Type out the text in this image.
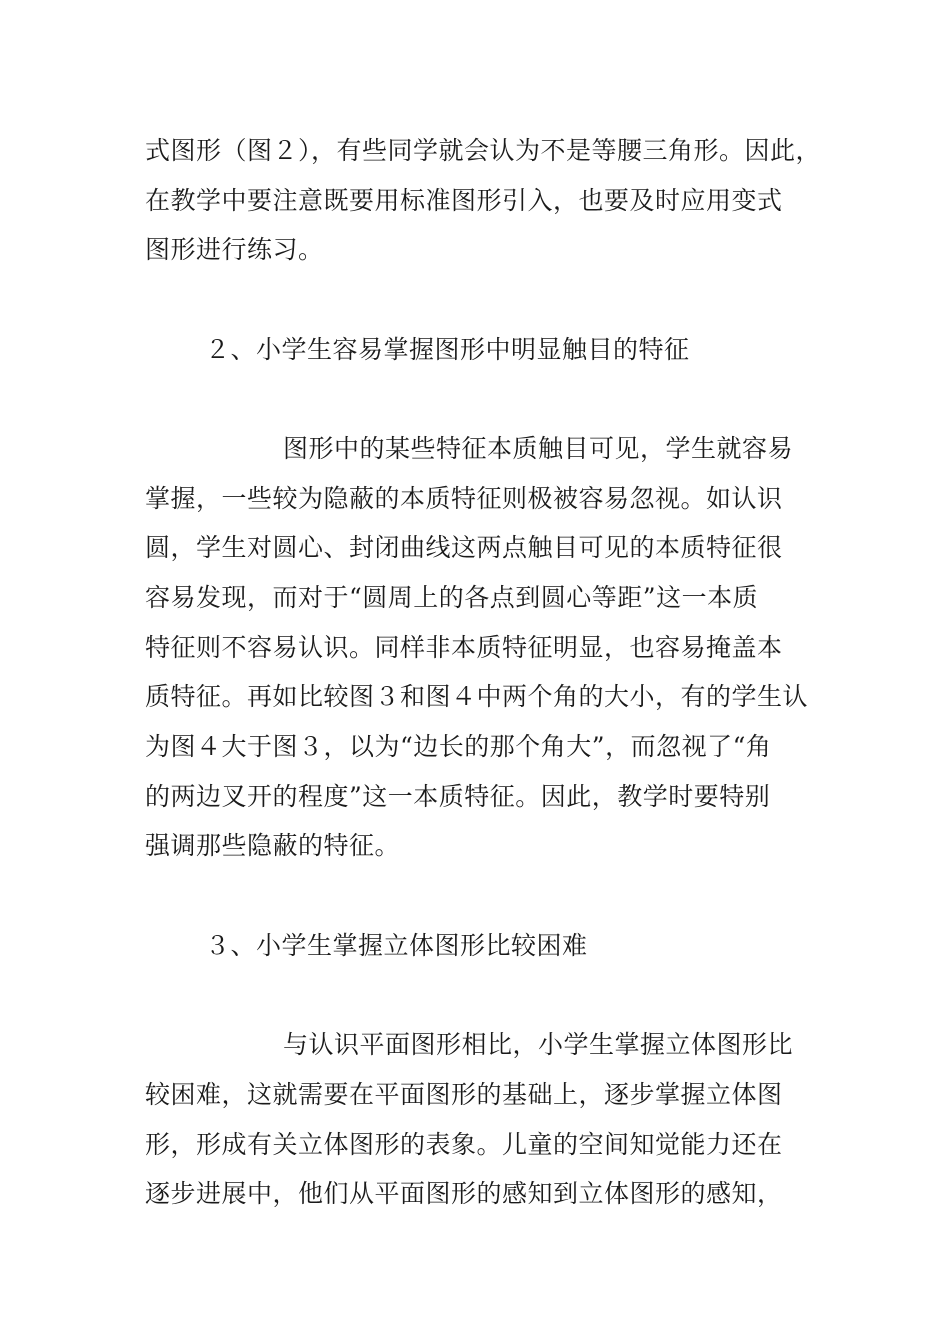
式图形（图２），有些同学就会认为不是等腰三角形。因此，
在教学中要注意既要用标准图形引入，也要及时应用变式
图形进行练习。
２、小学生容易掌握图形中明显触目的特征
图形中的某些特征本质触目可见，学生就容易
掌握，一些较为隐蔽的本质特征则极被容易忽视。如认识
圆，学生对圆心、封闭曲线这两点触目可见的本质特征很
容易发现，而对于“圆周上的各点到圆心等距”这一本质
特征则不容易认识。同样非本质特征明显，也容易掩盖本
质特征。再如比较图３和图４中两个角的大小，有的学生认
为图４大于图３，以为“边长的那个角大”，而忽视了“角
的两边叉开的程度”这一本质特征。因此，教学时要特别
强调那些隐蔽的特征。
３、小学生掌握立体图形比较困难
与认识平面图形相比，小学生掌握立体图形比
较困难，这就需要在平面图形的基础上，逐步掌握立体图
形，形成有关立体图形的表象。儿童的空间知觉能力还在
逐步进展中，他们从平面图形的感知到立体图形的感知，
